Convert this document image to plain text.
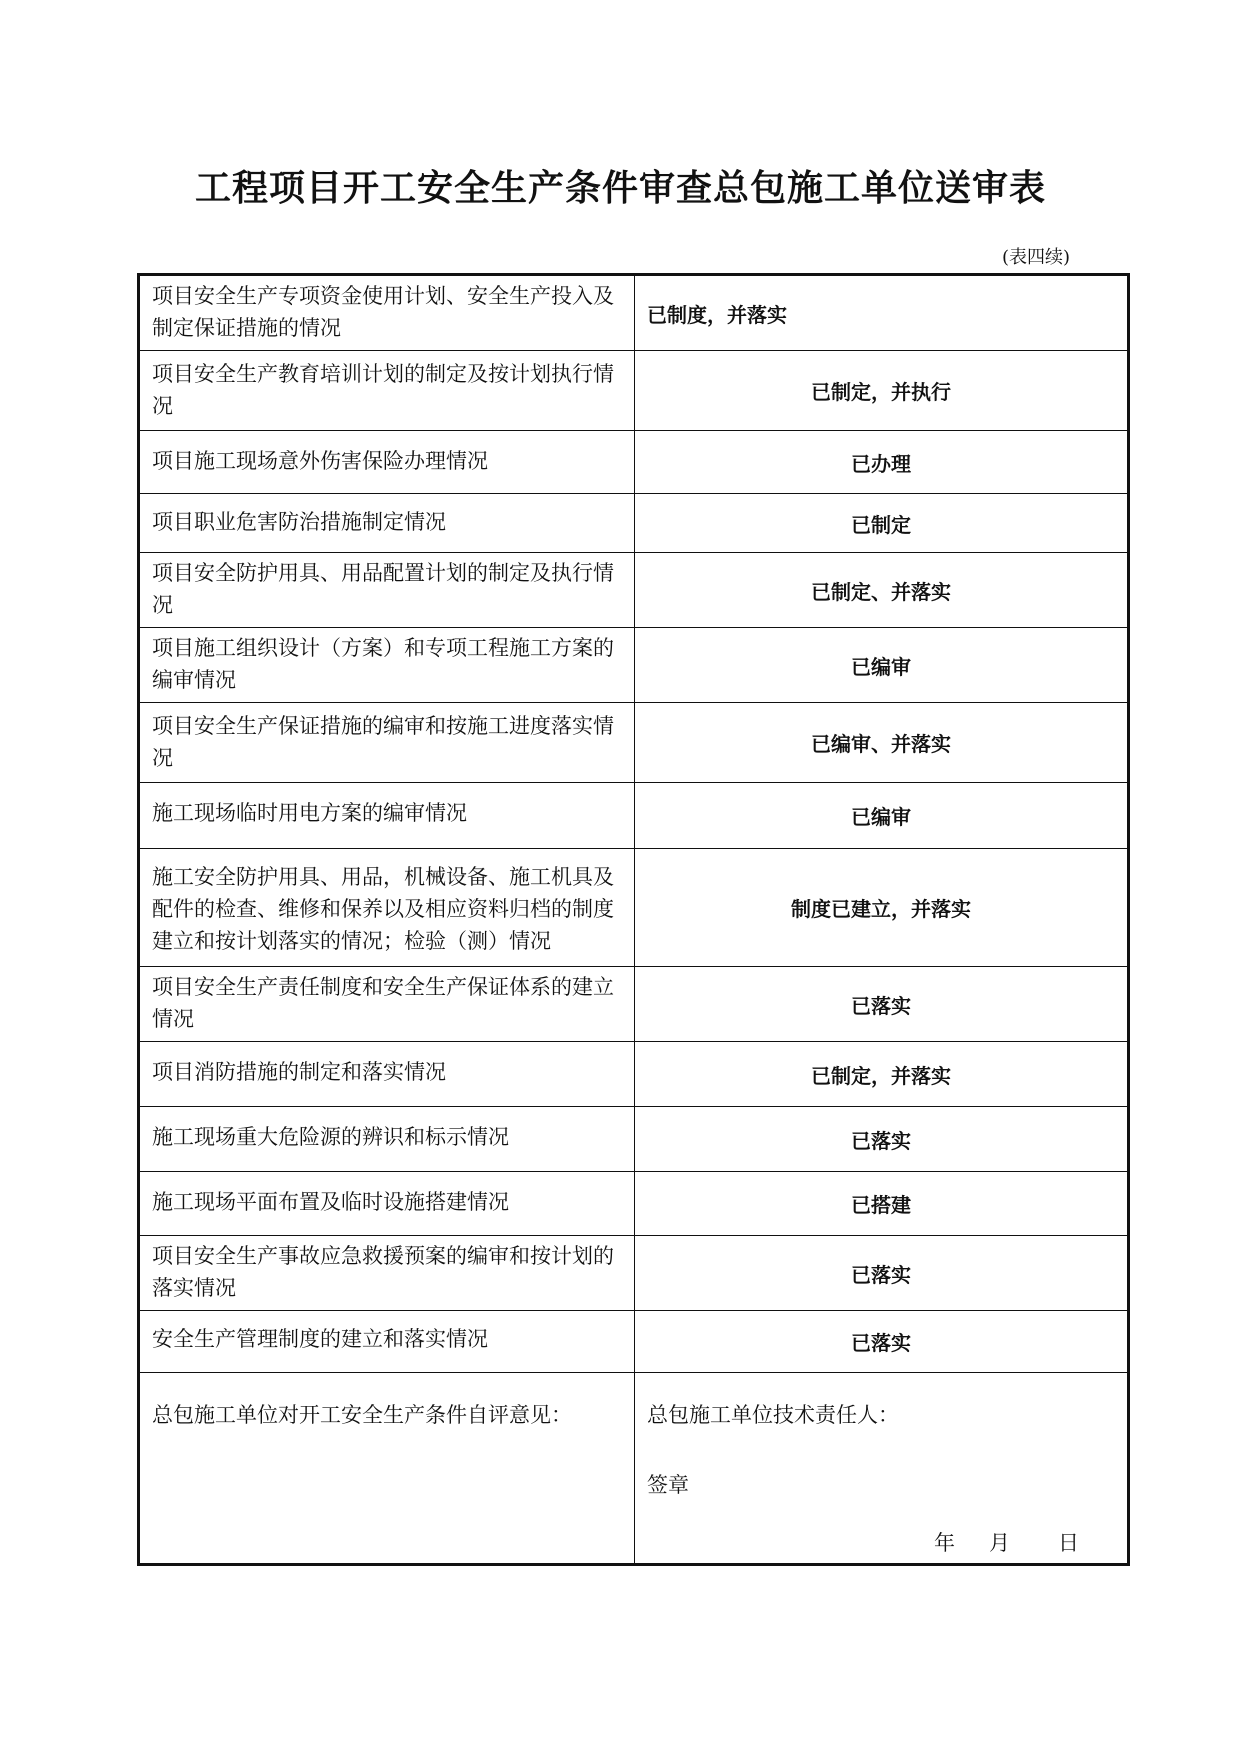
工程项目开工安全生产条件审查总包施工单位送审表
(表四续)
项目安全生产专项资金使用计划、安全生产投入及制定保证措施的情况	已制度，并落实
项目安全生产教育培训计划的制定及按计划执行情况	已制定，并执行
项目施工现场意外伤害保险办理情况	已办理
项目职业危害防治措施制定情况	已制定
项目安全防护用具、用品配置计划的制定及执行情况	已制定、并落实
项目施工组织设计（方案）和专项工程施工方案的编审情况	已编审
项目安全生产保证措施的编审和按施工进度落实情况	已编审、并落实
施工现场临时用电方案的编审情况	已编审
施工安全防护用具、用品，机械设备、施工机具及配件的检查、维修和保养以及相应资料归档的制度建立和按计划落实的情况；检验（测）情况	制度已建立，并落实
项目安全生产责任制度和安全生产保证体系的建立情况	已落实
项目消防措施的制定和落实情况	已制定，并落实
施工现场重大危险源的辨识和标示情况	已落实
施工现场平面布置及临时设施搭建情况	已搭建
项目安全生产事故应急救援预案的编审和按计划的落实情况	已落实
安全生产管理制度的建立和落实情况	已落实

总包施工单位对开工安全生产条件自评意见：	总包施工单位技术责任人：
签章
年 月 日
